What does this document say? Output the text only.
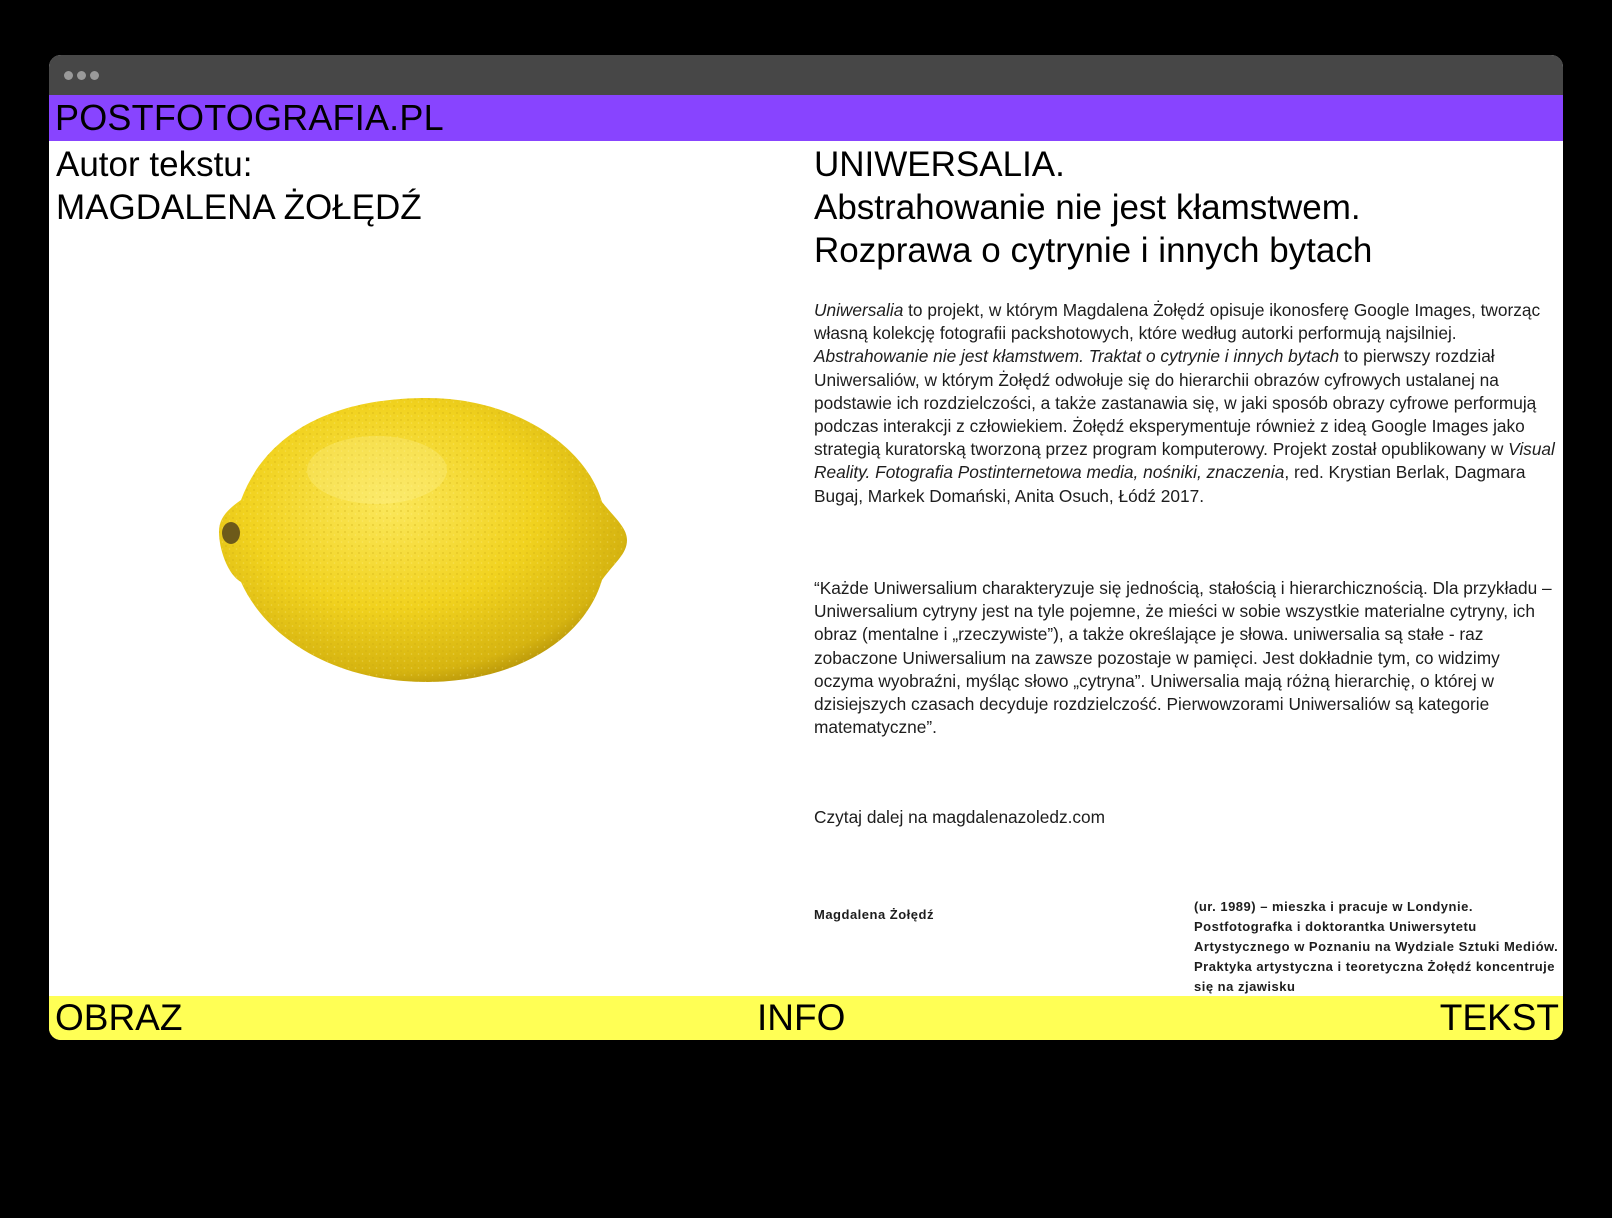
POSTFOTOGRAFIA.PL
Autor tekstu:
MAGDALENA ŻOŁĘDŹ
UNIWERSALIA.
Abstrahowanie nie jest kłamstwem.
Rozprawa o cytrynie i innych bytach

Uniwersalia to projekt, w którym Magdalena Żołędź opisuje ikonosferę Google Images, tworząc własną kolekcję fotografii packshotowych, które według autorki performują najsilniej. Abstrahowanie nie jest kłamstwem. Traktat o cytrynie i innych bytach to pierwszy rozdział Uniwersaliów, w którym Żołędź odwołuje się do hierarchii obrazów cyfrowych ustalanej na podstawie ich rozdzielczości, a także zastanawia się, w jaki sposób obrazy cyfrowe performują podczas interakcji z człowiekiem. Żołędź eksperymentuje również z ideą Google Images jako strategią kuratorską tworzoną przez program komputerowy. Projekt został opublikowany w Visual Reality. Fotografia Postinternetowa media, nośniki, znaczenia, red. Krystian Berlak, Dagmara Bugaj, Markek Domański, Anita Osuch, Łódź 2017.

“Każde Uniwersalium charakteryzuje się jednością, stałością i hierarchicznością. Dla przykładu – Uniwersalium cytryny jest na tyle pojemne, że mieści w sobie wszystkie materialne cytryny, ich obraz (mentalne i „rzeczywiste”), a także określające je słowa. uniwersalia są stałe - raz zobaczone Uniwersalium na zawsze pozostaje w pamięci. Jest dokładnie tym, co widzimy oczyma wyobraźni, myśląc słowo „cytryna”. Uniwersalia mają różną hierarchię, o której w dzisiejszych czasach decyduje rozdzielczość. Pierwowzorami Uniwersaliów są kategorie matematyczne”.

Czytaj dalej na magdalenazoledz.com
Magdalena Żołędź
(ur. 1989) – mieszka i pracuje w Londynie. Postfotografka i doktorantka Uniwersytetu Artystycznego w Poznaniu na Wydziale Sztuki Mediów. Praktyka artystyczna i teoretyczna Żołędź koncentruje się na zjawisku
OBRAZ	INFO	TEKST
